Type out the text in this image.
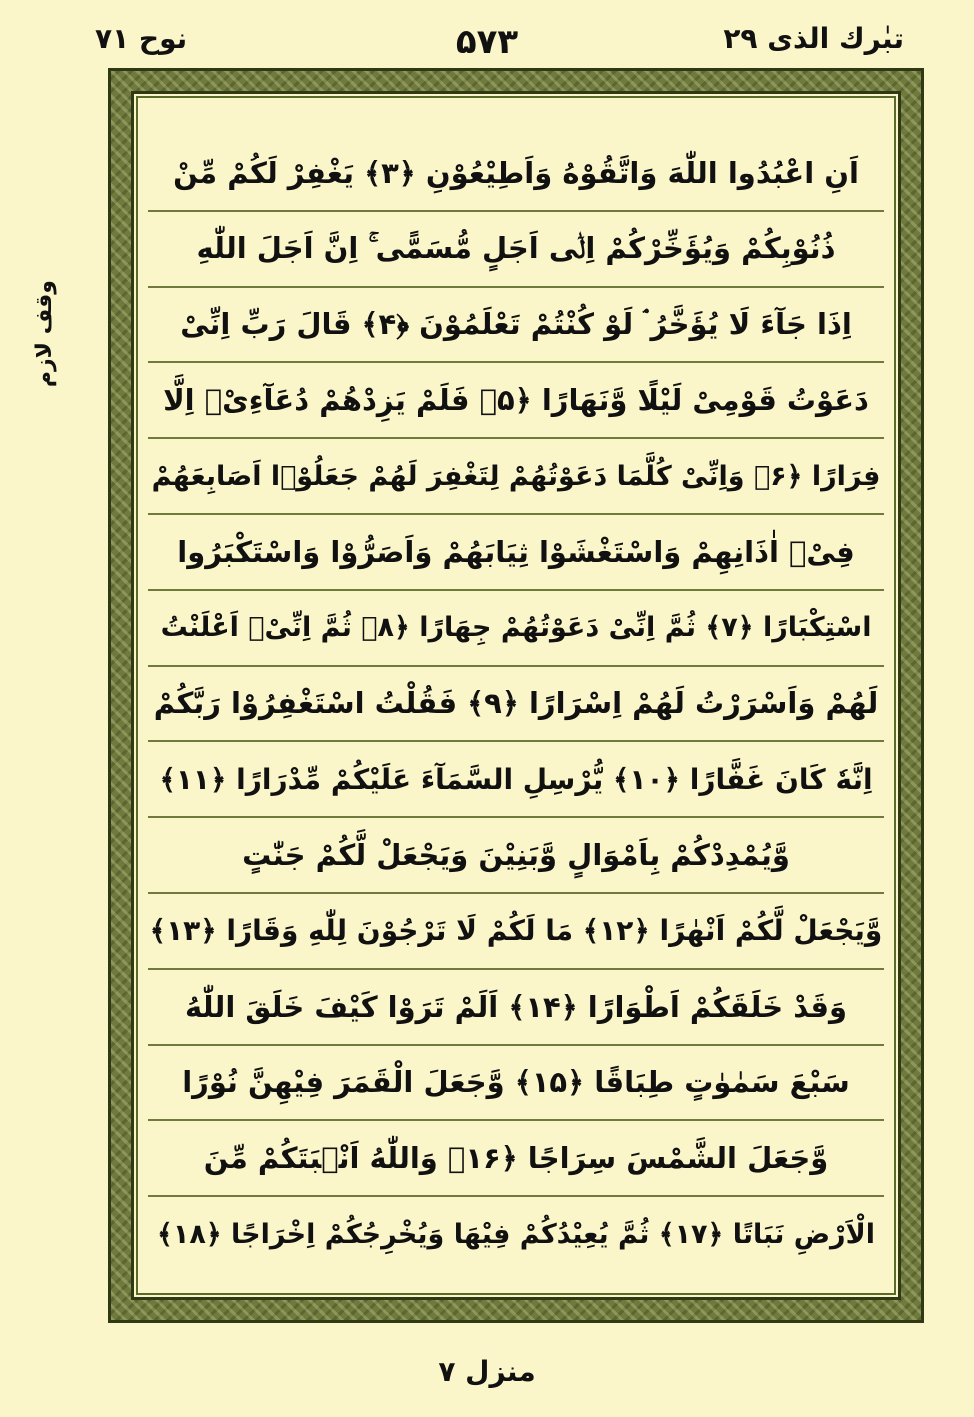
نوح ۷۱	۵۷۳	تبٰرك الذی ۲۹
وقف لازم
اَنِ اعْبُدُوا اللّٰهَ وَاتَّقُوْهُ وَاَطِيْعُوْنِ ﴿۳﴾ يَغْفِرْ لَكُمْ مِّنْ
ذُنُوْبِكُمْ وَيُؤَخِّرْكُمْ اِلٰۤى اَجَلٍ مُّسَمًّى ۚ اِنَّ اَجَلَ اللّٰهِ
اِذَا جَآءَ لَا يُؤَخَّرُ ۘ لَوْ كُنْتُمْ تَعْلَمُوْنَ ﴿۴﴾ قَالَ رَبِّ اِنِّىْ
دَعَوْتُ قَوْمِىْ لَيْلًا وَّنَهَارًا ﴿۵﴾ فَلَمْ يَزِدْهُمْ دُعَآءِىْۤ اِلَّا
فِرَارًا ﴿۶﴾ وَاِنِّىْ كُلَّمَا دَعَوْتُهُمْ لِتَغْفِرَ لَهُمْ جَعَلُوْۤا اَصَابِعَهُمْ
فِىْۤ اٰذَانِهِمْ وَاسْتَغْشَوْا ثِيَابَهُمْ وَاَصَرُّوْا وَاسْتَكْبَرُوا
اسْتِكْبَارًا ﴿۷﴾ ثُمَّ اِنِّىْ دَعَوْتُهُمْ جِهَارًا ﴿۸﴾ ثُمَّ اِنِّىْۤ اَعْلَنْتُ
لَهُمْ وَاَسْرَرْتُ لَهُمْ اِسْرَارًا ﴿۹﴾ فَقُلْتُ اسْتَغْفِرُوْا رَبَّكُمْ
اِنَّهٗ كَانَ غَفَّارًا ﴿۱۰﴾ يُّرْسِلِ السَّمَآءَ عَلَيْكُمْ مِّدْرَارًا ﴿۱۱﴾
وَّيُمْدِدْكُمْ بِاَمْوَالٍ وَّبَنِيْنَ وَيَجْعَلْ لَّكُمْ جَنّٰتٍ
وَّيَجْعَلْ لَّكُمْ اَنْهٰرًا ﴿۱۲﴾ مَا لَكُمْ لَا تَرْجُوْنَ لِلّٰهِ وَقَارًا ﴿۱۳﴾
وَقَدْ خَلَقَكُمْ اَطْوَارًا ﴿۱۴﴾ اَلَمْ تَرَوْا كَيْفَ خَلَقَ اللّٰهُ
سَبْعَ سَمٰوٰتٍ طِبَاقًا ﴿۱۵﴾ وَّجَعَلَ الْقَمَرَ فِيْهِنَّ نُوْرًا
وَّجَعَلَ الشَّمْسَ سِرَاجًا ﴿۱۶﴾ وَاللّٰهُ اَنْۢبَتَكُمْ مِّنَ
الْاَرْضِ نَبَاتًا ﴿۱۷﴾ ثُمَّ يُعِيْدُكُمْ فِيْهَا وَيُخْرِجُكُمْ اِخْرَاجًا ﴿۱۸﴾
منزل ۷
